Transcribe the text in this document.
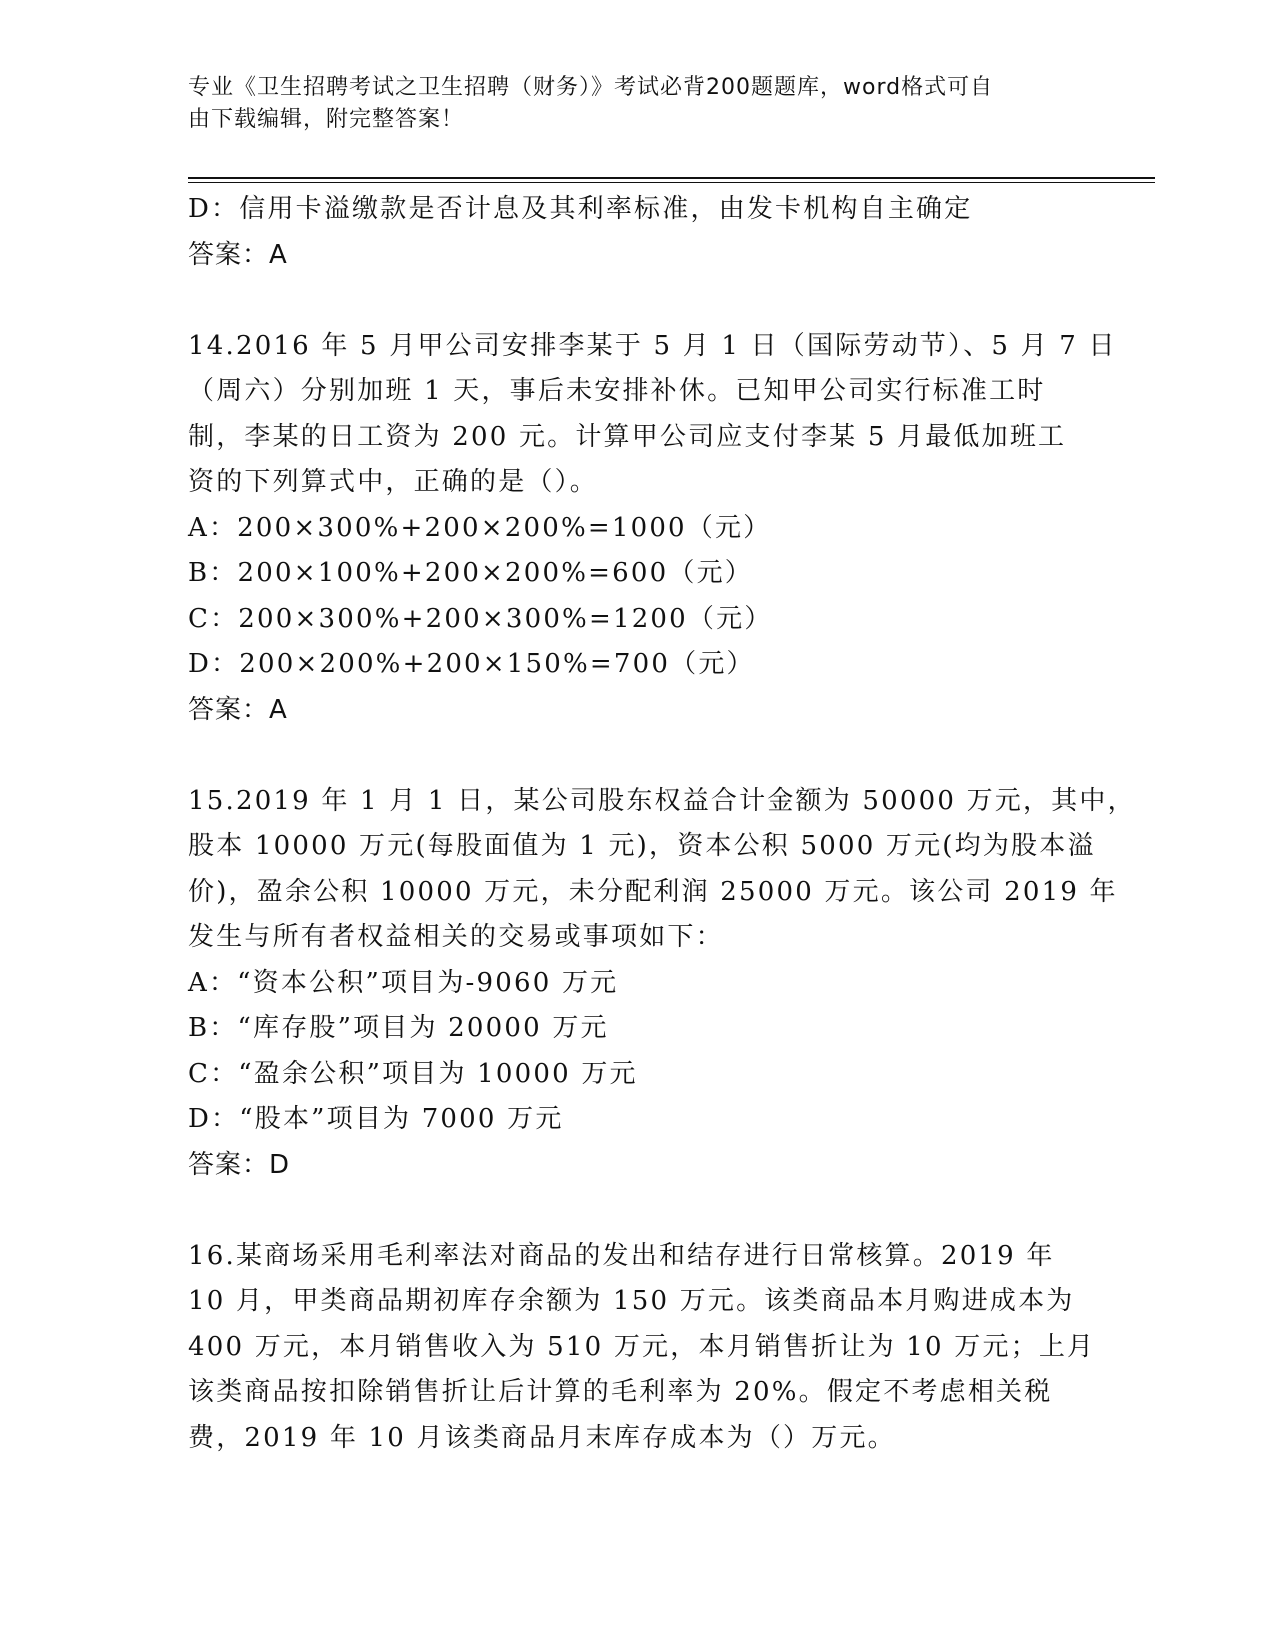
专业《卫生招聘考试之卫生招聘（财务）》考试必背200题题库，word格式可自
由下载编辑，附完整答案！
D：信用卡溢缴款是否计息及其利率标准，由发卡机构自主确定
答案：A
14.2016 年 5 月甲公司安排李某于 5 月 1 日（国际劳动节）、5 月 7 日
（周六）分别加班 1 天，事后未安排补休。已知甲公司实行标准工时
制，李某的日工资为 200 元。计算甲公司应支付李某 5 月最低加班工
资的下列算式中，正确的是（）。
A：200×300%+200×200%=1000（元）
B：200×100%+200×200%=600（元）
C：200×300%+200×300%=1200（元）
D：200×200%+200×150%=700（元）
答案：A
15.2019 年 1 月 1 日，某公司股东权益合计金额为 50000 万元，其中，
股本 10000 万元(每股面值为 1 元)，资本公积 5000 万元(均为股本溢
价)，盈余公积 10000 万元，未分配利润 25000 万元。该公司 2019 年
发生与所有者权益相关的交易或事项如下：
A：“资本公积”项目为-9060 万元
B：“库存股”项目为 20000 万元
C：“盈余公积”项目为 10000 万元
D：“股本”项目为 7000 万元
答案：D
16.某商场采用毛利率法对商品的发出和结存进行日常核算。2019 年
10 月，甲类商品期初库存余额为 150 万元。该类商品本月购进成本为
400 万元，本月销售收入为 510 万元，本月销售折让为 10 万元；上月
该类商品按扣除销售折让后计算的毛利率为 20%。假定不考虑相关税
费，2019 年 10 月该类商品月末库存成本为（）万元。
